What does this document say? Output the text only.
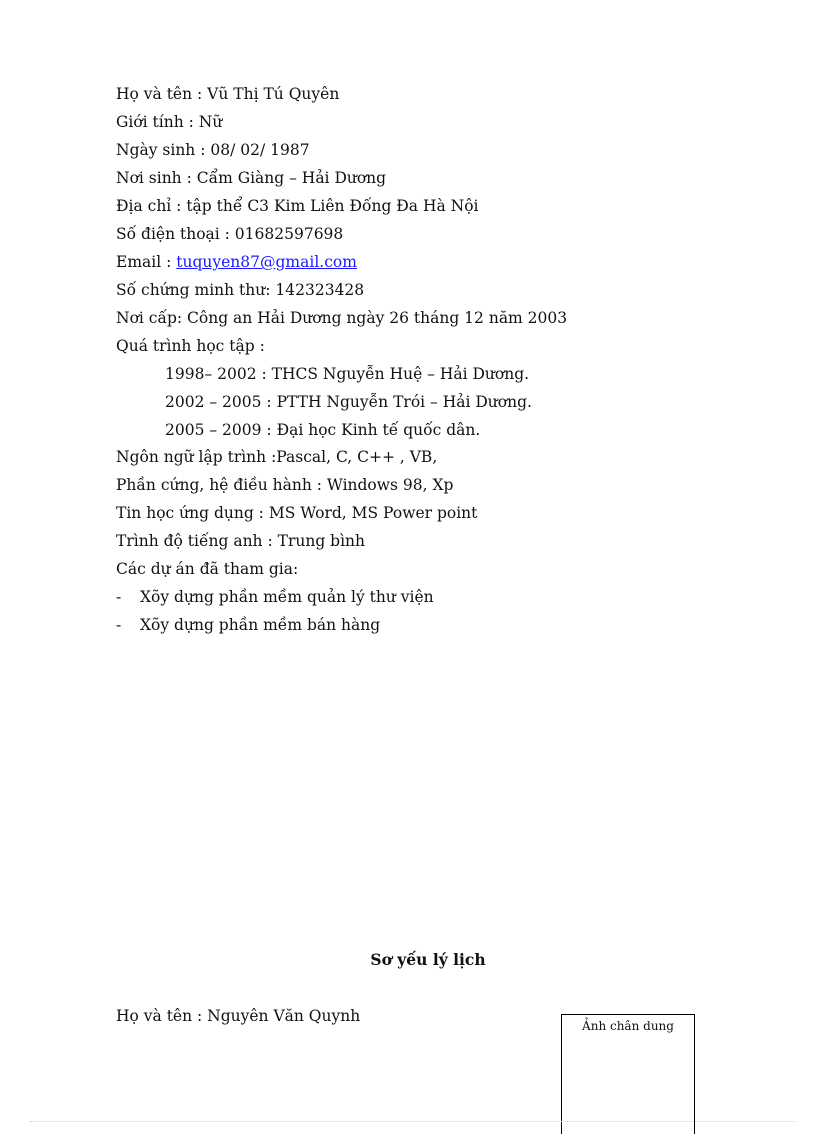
Họ và tên : Vũ Thị Tú Quyên
Giới tính : Nữ
Ngày sinh : 08/ 02/ 1987
Nơi sinh : Cẩm Giàng – Hải Dương
Địa chỉ : tập thể C3 Kim Liên Đống Đa Hà Nội
Số điện thoại : 01682597698
Email : tuquyen87@gmail.com
Số chứng minh thư: 142323428
Nơi cấp: Công an Hải Dương ngày 26 tháng 12 năm 2003
Quá trình học tập :
1998– 2002 : THCS Nguyễn Huệ – Hải Dương.
2002 – 2005 : PTTH Nguyễn Trói – Hải Dương.
2005 – 2009 : Đại học Kinh tế quốc dân.
Ngôn ngữ lập trình :Pascal, C, C++ , VB,
Phần cứng, hệ điều hành : Windows 98, Xp
Tin học ứng dụng : MS Word, MS Power point
Trình độ tiếng anh : Trung bình
Các dự án đã tham gia:
- Xõy dựng phần mềm quản lý thư viện
- Xõy dựng phần mềm bán hàng
Sơ yếu lý lịch
Họ và tên : Nguyên Văn Quynh
Ảnh chân dung
